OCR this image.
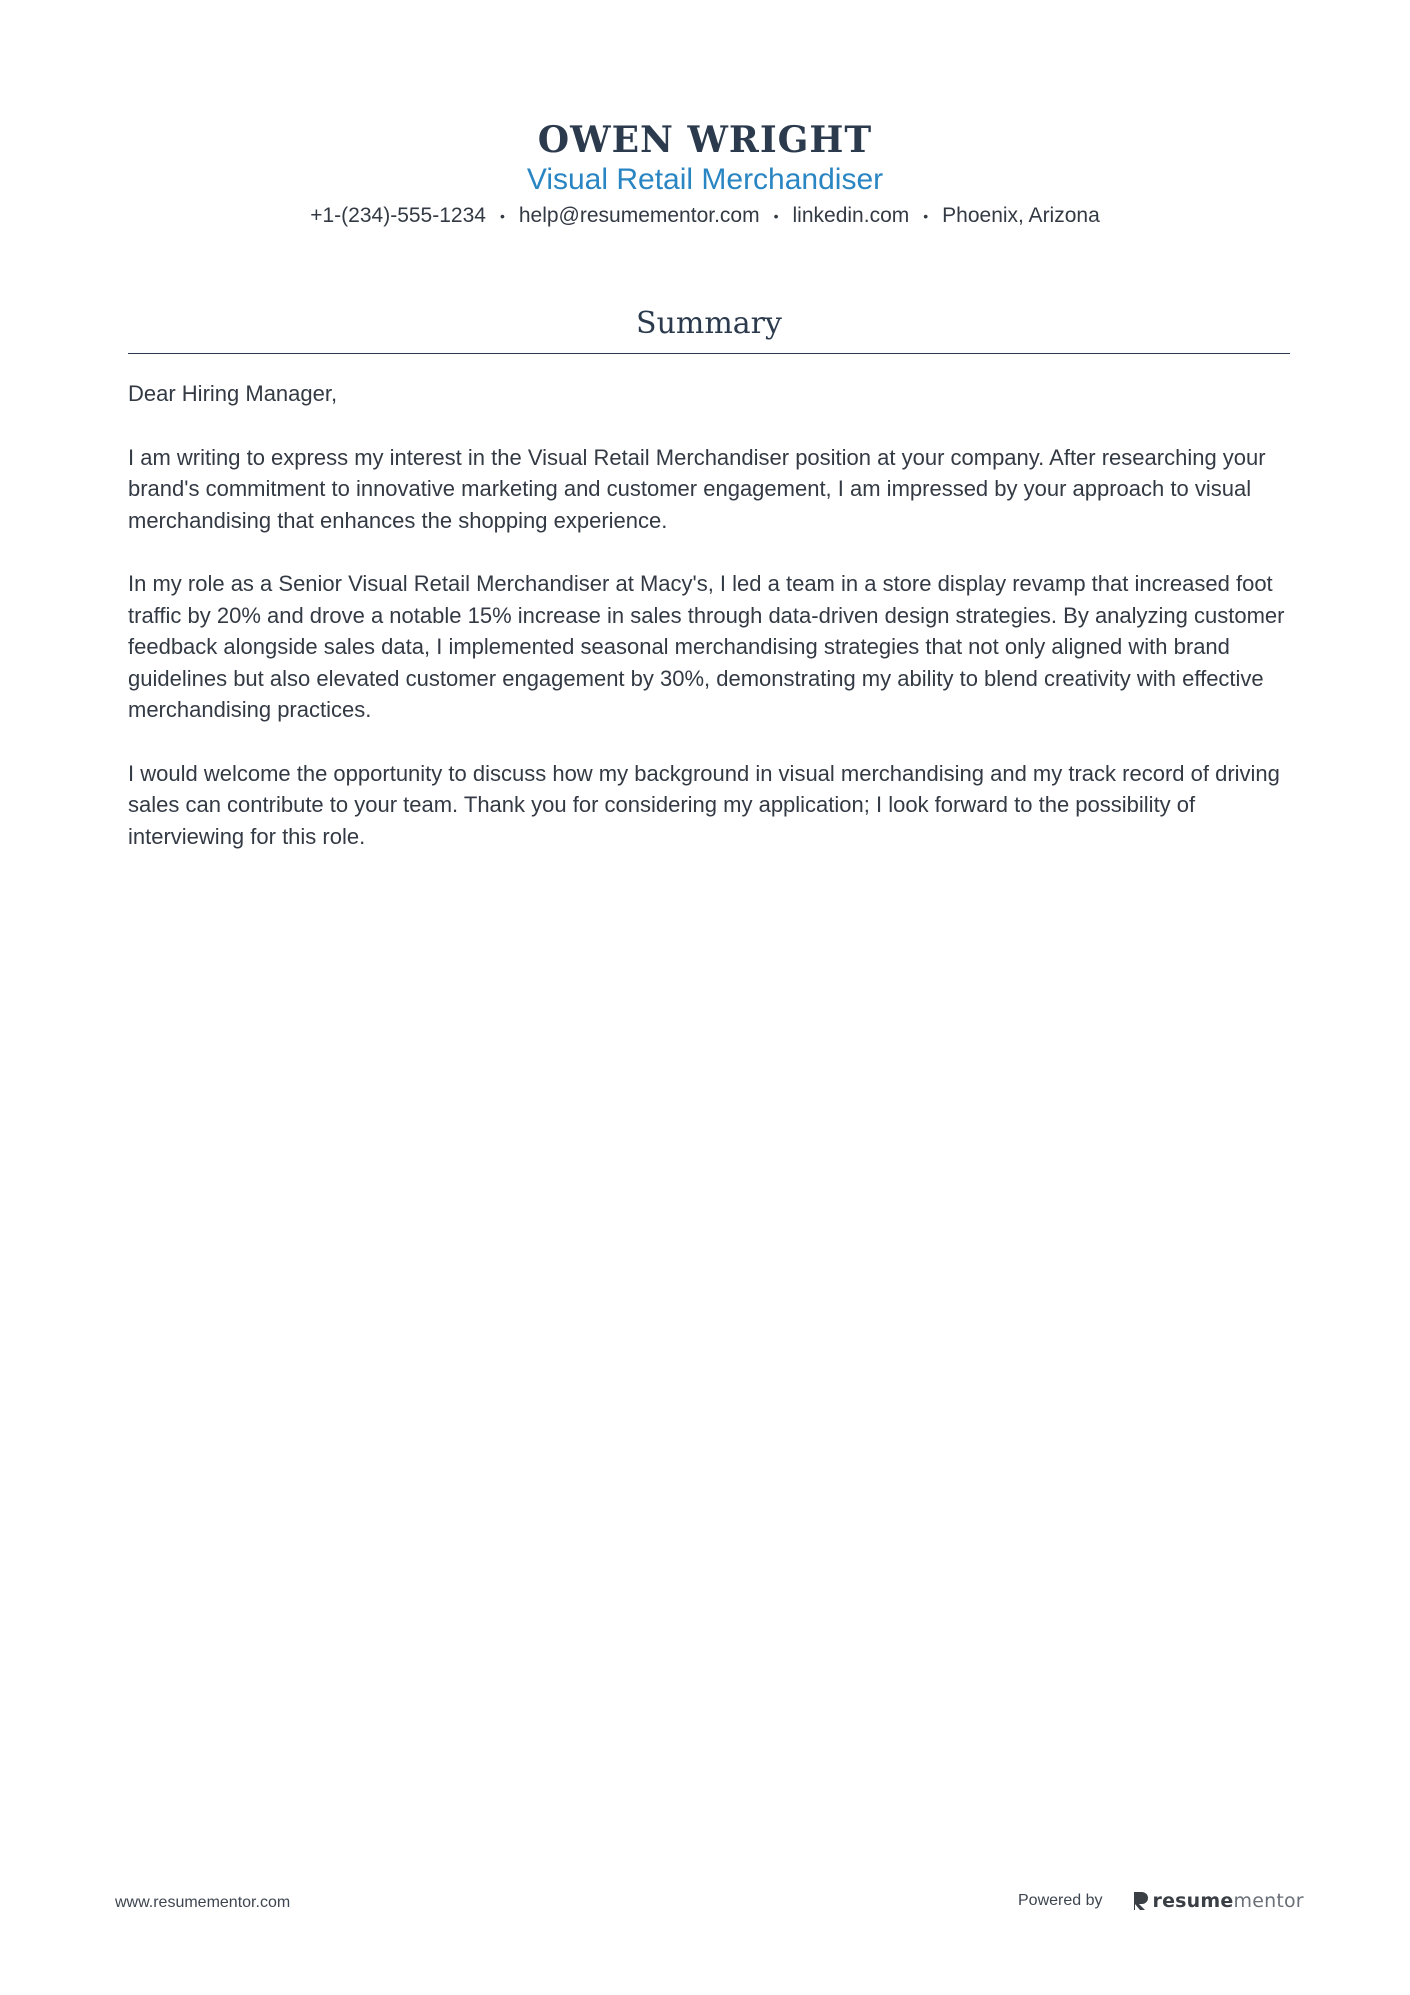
OWEN WRIGHT
Visual Retail Merchandiser
+1-(234)-555-1234 • help@resumementor.com • linkedin.com • Phoenix, Arizona
Summary

Dear Hiring Manager,

I am writing to express my interest in the Visual Retail Merchandiser position at your company. After researching your brand's commitment to innovative marketing and customer engagement, I am impressed by your approach to visual merchandising that enhances the shopping experience.

In my role as a Senior Visual Retail Merchandiser at Macy's, I led a team in a store display revamp that increased foot traffic by 20% and drove a notable 15% increase in sales through data-driven design strategies. By analyzing customer feedback alongside sales data, I implemented seasonal merchandising strategies that not only aligned with brand guidelines but also elevated customer engagement by 30%, demonstrating my ability to blend creativity with effective merchandising practices.

I would welcome the opportunity to discuss how my background in visual merchandising and my track record of driving sales can contribute to your team. Thank you for considering my application; I look forward to the possibility of interviewing for this role.

www.resumementor.com	Powered by	resume mentor
